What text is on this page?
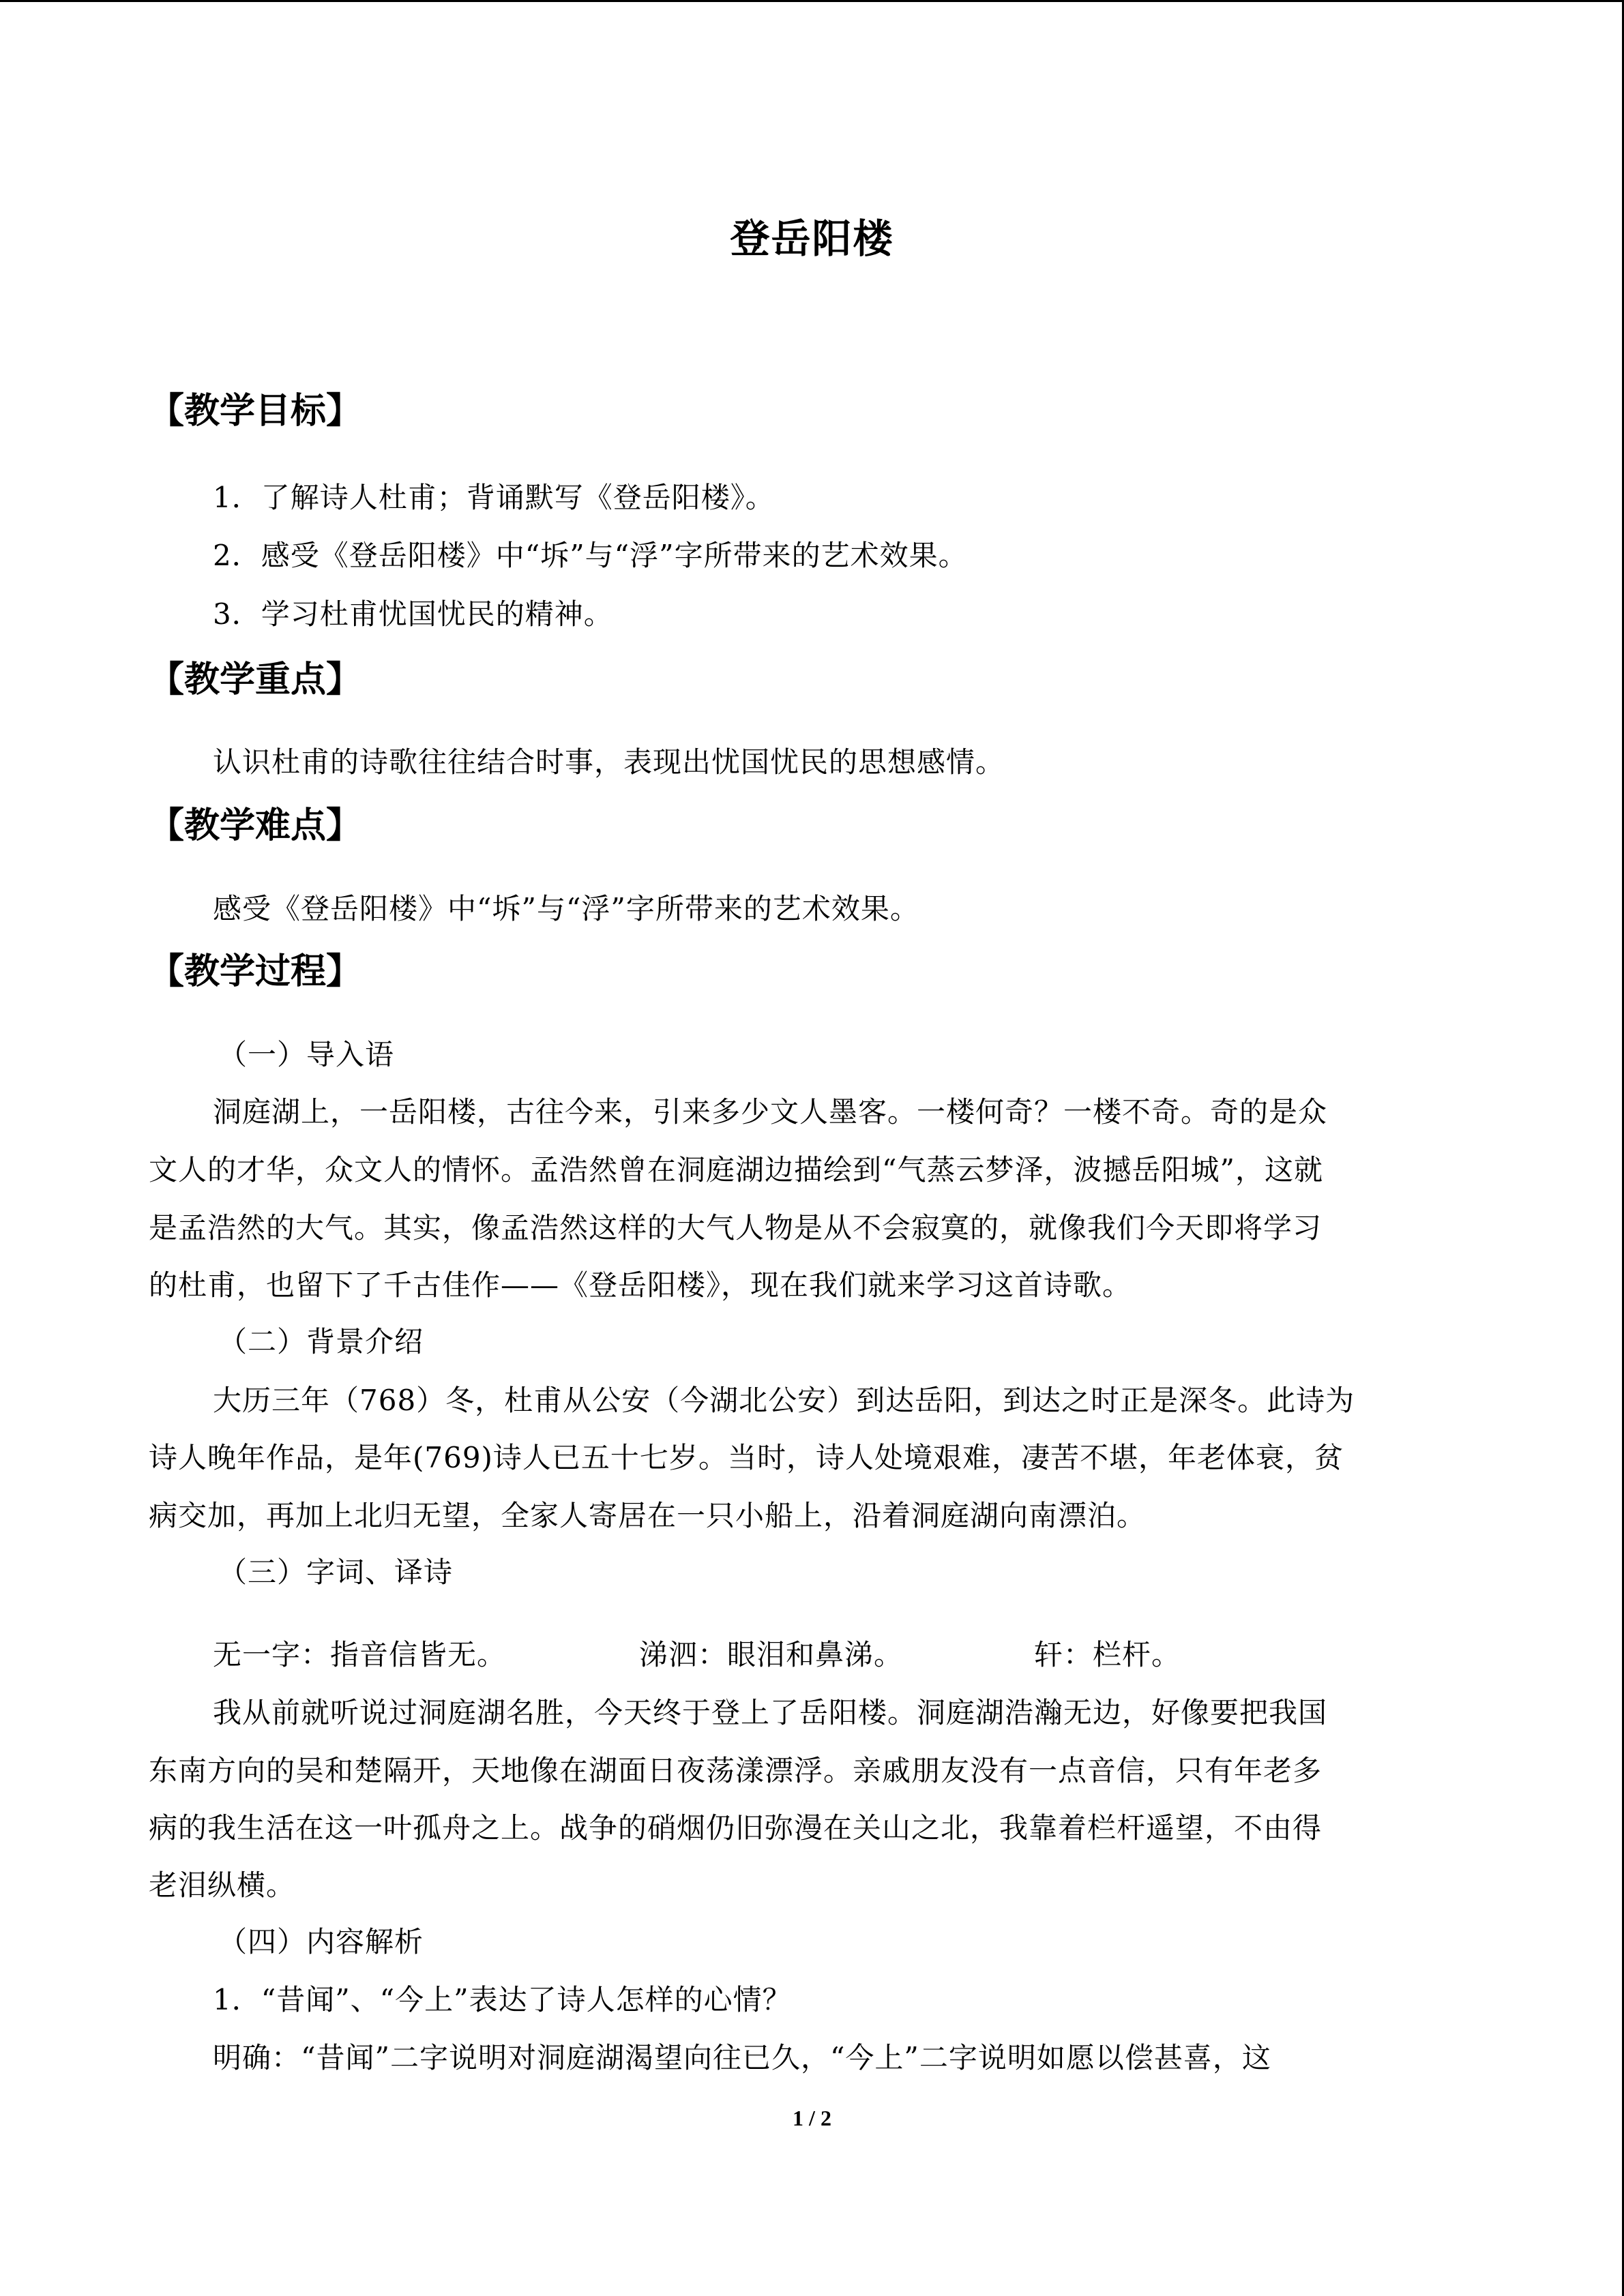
登岳阳楼
【教学目标】
1．了解诗人杜甫；背诵默写《登岳阳楼》。
2．感受《登岳阳楼》中“坼”与“浮”字所带来的艺术效果。
3．学习杜甫忧国忧民的精神。
【教学重点】
认识杜甫的诗歌往往结合时事，表现出忧国忧民的思想感情。
【教学难点】
感受《登岳阳楼》中“坼”与“浮”字所带来的艺术效果。
【教学过程】
（一）导入语
洞庭湖上，一岳阳楼，古往今来，引来多少文人墨客。一楼何奇？一楼不奇。奇的是众
文人的才华，众文人的情怀。孟浩然曾在洞庭湖边描绘到“气蒸云梦泽，波撼岳阳城”，这就
是孟浩然的大气。其实，像孟浩然这样的大气人物是从不会寂寞的，就像我们今天即将学习
的杜甫，也留下了千古佳作——《登岳阳楼》，现在我们就来学习这首诗歌。
（二）背景介绍
大历三年（768）冬，杜甫从公安（今湖北公安）到达岳阳，到达之时正是深冬。此诗为
诗人晚年作品，是年(769)诗人已五十七岁。当时，诗人处境艰难，凄苦不堪，年老体衰，贫
病交加，再加上北归无望，全家人寄居在一只小船上，沿着洞庭湖向南漂泊。
（三）字词、译诗
无一字：指音信皆无。	涕泗：眼泪和鼻涕。	轩：栏杆。
我从前就听说过洞庭湖名胜，今天终于登上了岳阳楼。洞庭湖浩瀚无边，好像要把我国
东南方向的吴和楚隔开，天地像在湖面日夜荡漾漂浮。亲戚朋友没有一点音信，只有年老多
病的我生活在这一叶孤舟之上。战争的硝烟仍旧弥漫在关山之北，我靠着栏杆遥望，不由得
老泪纵横。
（四）内容解析
1．“昔闻”、“今上”表达了诗人怎样的心情？
明确：“昔闻”二字说明对洞庭湖渴望向往已久，“今上”二字说明如愿以偿甚喜，这
1 / 2
